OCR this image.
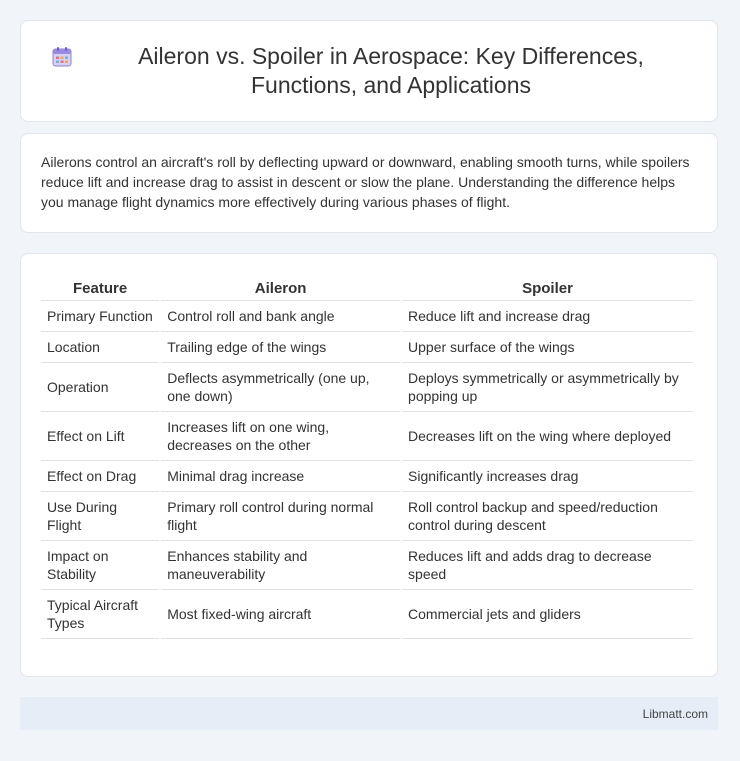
Aileron vs. Spoiler in Aerospace: Key Differences, Functions, and Applications

Ailerons control an aircraft's roll by deflecting upward or downward, enabling smooth turns, while spoilers reduce lift and increase drag to assist in descent or slow the plane. Understanding the difference helps you manage flight dynamics more effectively during various phases of flight.

Feature	Aileron	Spoiler
Primary Function	Control roll and bank angle	Reduce lift and increase drag
Location	Trailing edge of the wings	Upper surface of the wings
Operation	Deflects asymmetrically (one up, one down)	Deploys symmetrically or asymmetrically by popping up
Effect on Lift	Increases lift on one wing, decreases on the other	Decreases lift on the wing where deployed
Effect on Drag	Minimal drag increase	Significantly increases drag
Use During Flight	Primary roll control during normal flight	Roll control backup and speed/reduction control during descent
Impact on Stability	Enhances stability and maneuverability	Reduces lift and adds drag to decrease speed
Typical Aircraft Types	Most fixed-wing aircraft	Commercial jets and gliders
Libmatt.com
